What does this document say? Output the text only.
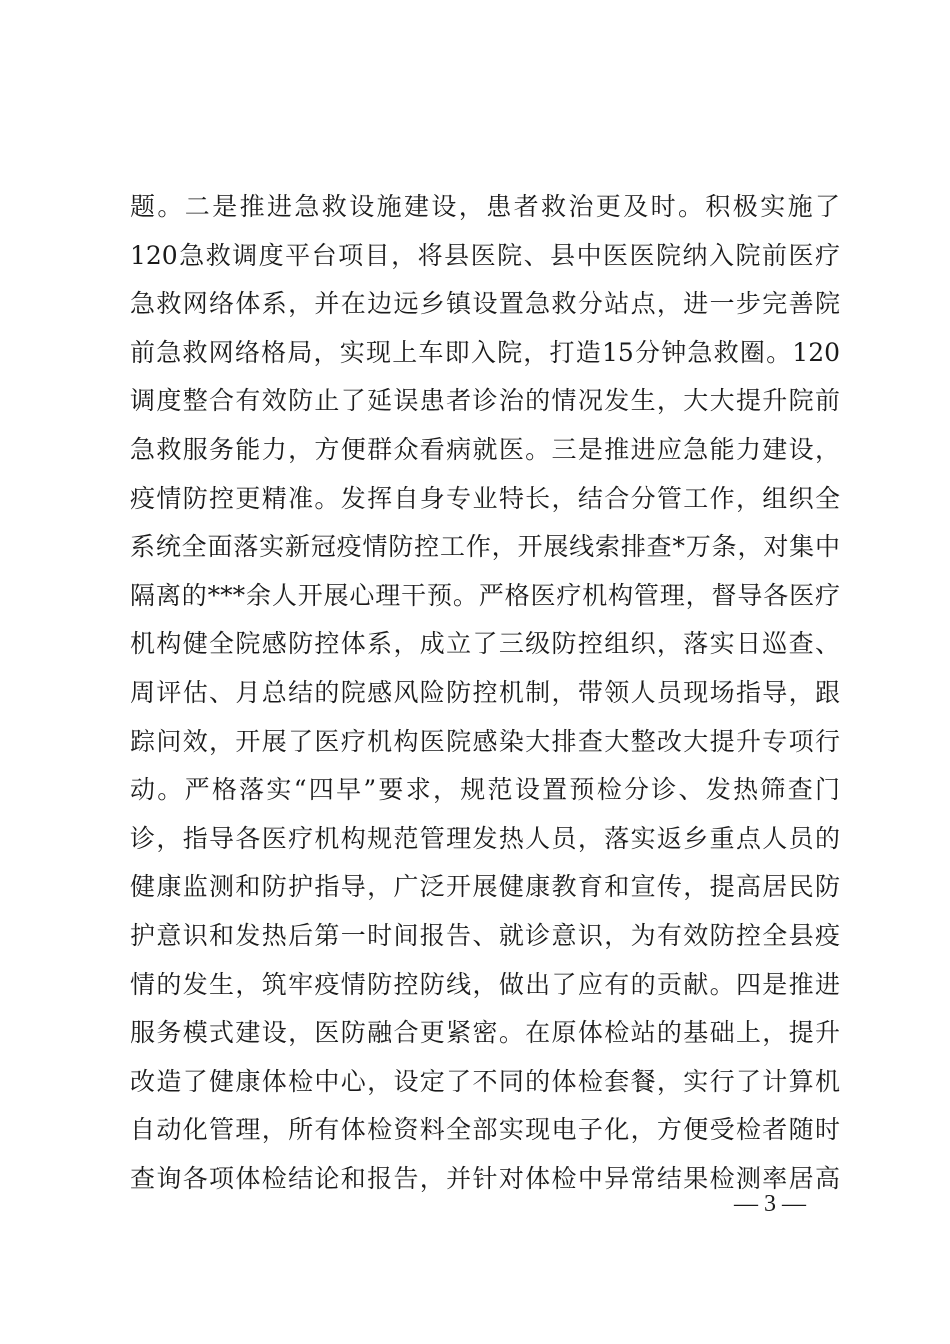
题。二是推进急救设施建设，患者救治更及时。积极实施了
120急救调度平台项目，将县医院、县中医医院纳入院前医疗
急救网络体系，并在边远乡镇设置急救分站点，进一步完善院
前急救网络格局，实现上车即入院，打造15分钟急救圈。120
调度整合有效防止了延误患者诊治的情况发生，大大提升院前
急救服务能力，方便群众看病就医。三是推进应急能力建设，
疫情防控更精准。发挥自身专业特长，结合分管工作，组织全
系统全面落实新冠疫情防控工作，开展线索排查*万条，对集中
隔离的***余人开展心理干预。严格医疗机构管理，督导各医疗
机构健全院感防控体系，成立了三级防控组织，落实日巡查、
周评估、月总结的院感风险防控机制，带领人员现场指导，跟
踪问效，开展了医疗机构医院感染大排查大整改大提升专项行
动。严格落实“四早”要求，规范设置预检分诊、发热筛查门
诊，指导各医疗机构规范管理发热人员，落实返乡重点人员的
健康监测和防护指导，广泛开展健康教育和宣传，提高居民防
护意识和发热后第一时间报告、就诊意识，为有效防控全县疫
情的发生，筑牢疫情防控防线，做出了应有的贡献。四是推进
服务模式建设，医防融合更紧密。在原体检站的基础上，提升
改造了健康体检中心，设定了不同的体检套餐，实行了计算机
自动化管理，所有体检资料全部实现电子化，方便受检者随时
查询各项体检结论和报告，并针对体检中异常结果检测率居高
— 3 —
